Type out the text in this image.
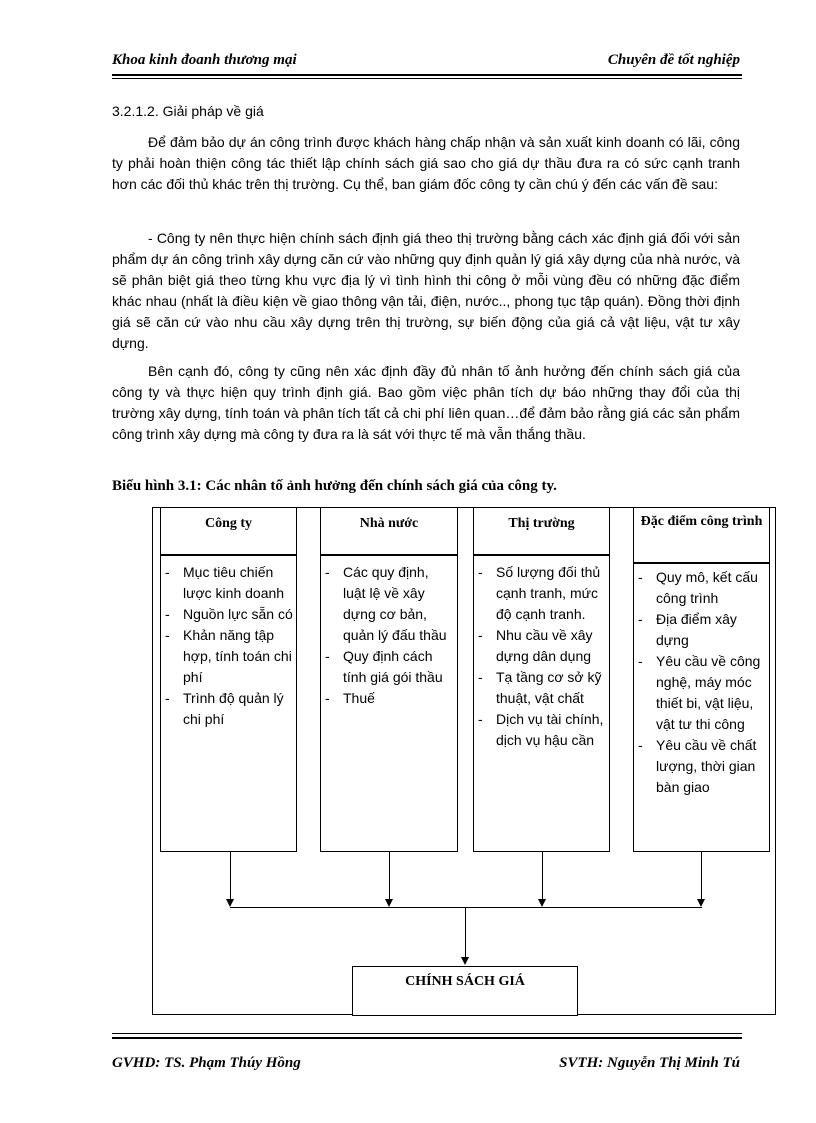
Khoa kinh đoanh thương mại	Chuyên đề tốt nghiệp
3.2.1.2. Giải pháp về giá

Để đảm bảo dự án công trình được khách hàng chấp nhận và sản xuất kinh doanh có lãi, công ty phải hoàn thiện công tác thiết lập chính sách giá sao cho giá dự thầu đưa ra có sức cạnh tranh hơn các đối thủ khác trên thị trường. Cụ thể, ban giám đốc công ty cần chú ý đến các vấn đề sau:

- Công ty nên thực hiện chính sách định giá theo thị trường bằng cách xác định giá đối với sản phẩm dự án công trình xây dựng căn cứ vào những quy định quản lý giá xây dựng của nhà nước, và sẽ phân biệt giá theo từng khu vực địa lý vì tình hình thi công ở mỗi vùng đều có những đặc điểm khác nhau (nhất là điều kiện về giao thông vận tải, điện, nước.., phong tục tập quán). Đồng thời định giá sẽ căn cứ vào nhu cầu xây dựng trên thị trường, sự biến động của giá cả vật liệu, vật tư xây dựng.

Bên cạnh đó, công ty cũng nên xác định đầy đủ nhân tố ảnh hưởng đến chính sách giá của công ty và thực hiện quy trình định giá. Bao gồm việc phân tích dự báo những thay đổi của thị trường xây dựng, tính toán và phân tích tất cả chi phí liên quan…để đảm bảo rằng giá các sản phẩm công trình xây dựng mà công ty đưa ra là sát với thực tế mà vẫn thắng thầu.

Biểu hình 3.1: Các nhân tố ảnh hưởng đến chính sách giá của công ty.
Công ty
- Mục tiêu chiến lược kinh doanh
- Nguồn lực sẵn có
- Khản năng tập hợp, tính toán chi phí
- Trình độ quản lý chi phí
Nhà nước
- Các quy định, luật lệ về xây dựng cơ bản, quản lý đấu thầu
- Quy định cách tính giá gói thầu
- Thuế
Thị trường
- Số lượng đối thủ cạnh tranh, mức độ cạnh tranh.
- Nhu cầu về xây dựng dân dụng
- Tạ tầng cơ sở kỹ thuật, vật chất
- Dịch vụ tài chính, dịch vụ hậu cần
Đặc điểm công trình
- Quy mô, kết cấu công trình
- Địa điểm xây dựng
- Yêu cầu về công nghệ, máy móc thiết bi, vật liệu, vật tư thi công
- Yêu cầu về chất lượng, thời gian bàn giao
CHÍNH SÁCH GIÁ
GVHD: TS. Phạm Thúy Hồng	SVTH: Nguyễn Thị Minh Tú
